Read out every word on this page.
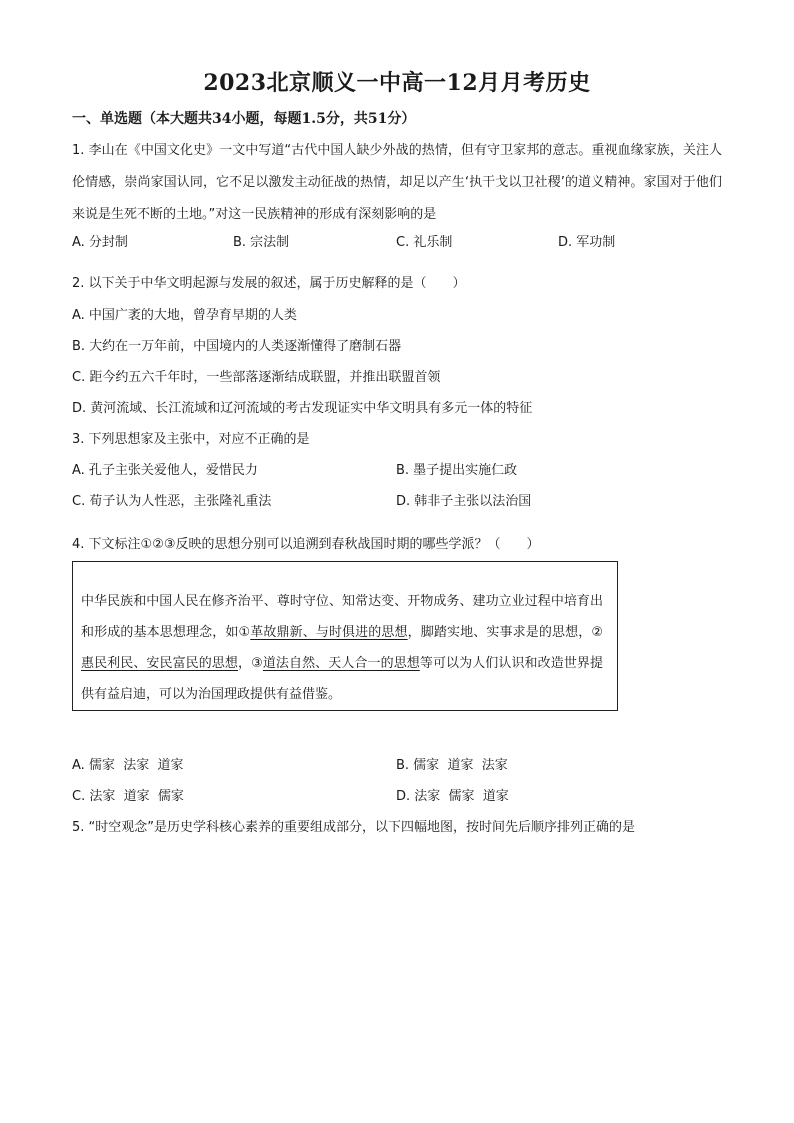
2023北京顺义一中高一12月月考历史
一、单选题（本大题共34小题，每题1.5分，共51分）
1. 李山在《中国文化史》一文中写道“古代中国人缺少外战的热情，但有守卫家邦的意志。重视血缘家族，关注人伦情感，崇尚家国认同，它不足以激发主动征战的热情，却足以产生‘执干戈以卫社稷’的道义精神。家国对于他们来说是生死不断的土地。”对这一民族精神的形成有深刻影响的是
A. 分封制	B. 宗法制	C. 礼乐制	D. 军功制
2. 以下关于中华文明起源与发展的叙述，属于历史解释的是（　　）
A. 中国广袤的大地，曾孕育早期的人类
B. 大约在一万年前，中国境内的人类逐渐懂得了磨制石器
C. 距今约五六千年时，一些部落逐渐结成联盟，并推出联盟首领
D. 黄河流域、长江流域和辽河流域的考古发现证实中华文明具有多元一体的特征
3. 下列思想家及主张中，对应不正确的是
A. 孔子主张关爱他人，爱惜民力	B. 墨子提出实施仁政
C. 荀子认为人性恶，主张隆礼重法	D. 韩非子主张以法治国
4. 下文标注①②③反映的思想分别可以追溯到春秋战国时期的哪些学派？（　　）
中华民族和中国人民在修齐治平、尊时守位、知常达变、开物成务、建功立业过程中培育出和形成的基本思想理念，如①革故鼎新、与时俱进的思想，脚踏实地、实事求是的思想，②惠民利民、安民富民的思想，③道法自然、天人合一的思想等可以为人们认识和改造世界提供有益启迪，可以为治国理政提供有益借鉴。
A. 儒家  法家  道家	B. 儒家  道家  法家
C. 法家  道家  儒家	D. 法家  儒家  道家
5. “时空观念”是历史学科核心素养的重要组成部分，以下四幅地图，按时间先后顺序排列正确的是
